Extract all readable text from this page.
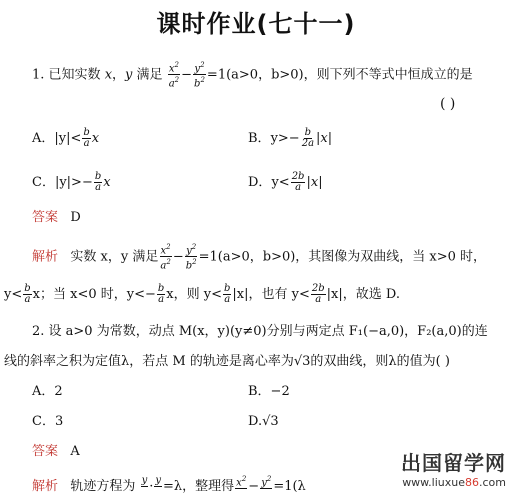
课时作业(七十一)
1. 已知实数 x，y 满足 $\frac{x^2}{a^2} - \frac{y^2}{b^2} =1(a>0$，b>0)，则下列不等式中恒成立的是
( )
A．$|y|< \frac{b}{a}$ x	B．$y>- \frac{b}{2a} |x|$
C．$|y|>- \frac{b}{a}$ x	D．$y< \frac{2b}{a} |x|$
答案 D
解析 实数 x，y 满足 $\frac{x^2}{a^2} - \frac{y^2}{b^2} =1(a>0$，b>0)，其图像为双曲线，当 x>0 时，
$y< \frac{b}{a}$ x；当 x<0 时，$y<- \frac{b}{a}$ x，则 $y< \frac{b}{a} |x|$，也有 $y< \frac{2b}{a} |x|$，故选 D.
2. 设 a>0 为常数，动点 M(x，y)(y≠0)分别与两定点 F₁(−a,0)，F₂(a,0)的连
线的斜率之积为定值λ，若点 M 的轨迹是离心率为√3的双曲线，则λ的值为( )
A．2	B．−2
C．3	D.√3
答案 A
解析 轨迹方程为 y
· y
=λ，整理得 $x^2$

− $y^2$

=1(λ
出国留学网
www.liuxue86.com
